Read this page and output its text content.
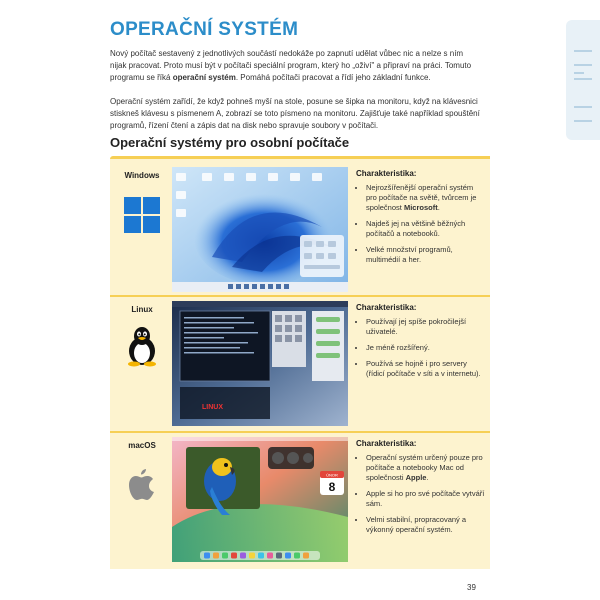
OPERAČNÍ SYSTÉM

Nový počítač sestavený z jednotlivých součástí nedokáže po zapnutí udělat vůbec nic a nelze s ním nijak pracovat. Proto musí být v počítači speciální program, který ho „oživí" a připraví na práci. Tomuto programu se říká operační systém. Pomáhá počítači pracovat a řídí jeho základní funkce.

Operační systém zařídí, že když pohneš myší na stole, posune se šipka na monitoru, když na klávesnici stiskneš klávesu s písmenem A, zobrazí se toto písmeno na monitoru. Zajišťuje také například spouštění programů, řízení čtení a zápis dat na disk nebo spravuje soubory v počítači.

Operační systémy pro osobní počítače
Windows	Charakteristika:

• Nejrozšířenější operační systém pro počítače na světě, tvůrcem je společnost Microsoft.
• Najdeš jej na většině běžných počítačů a notebooků.
• Velké množství programů, multimédií a her.
Linux
LINUX

Charakteristika:

• Používají jej spíše pokročilejší uživatelé.
• Je méně rozšířený.
• Používá se hojně i pro servery (řídicí počítače v síti a v internetu).
macOS
ÚNOR
8

Charakteristika:

• Operační systém určený pouze pro počítače a notebooky Mac od společnosti Apple.
• Apple si ho pro své počítače vytváří sám.
• Velmi stabilní, propracovaný a výkonný operační systém.
39
